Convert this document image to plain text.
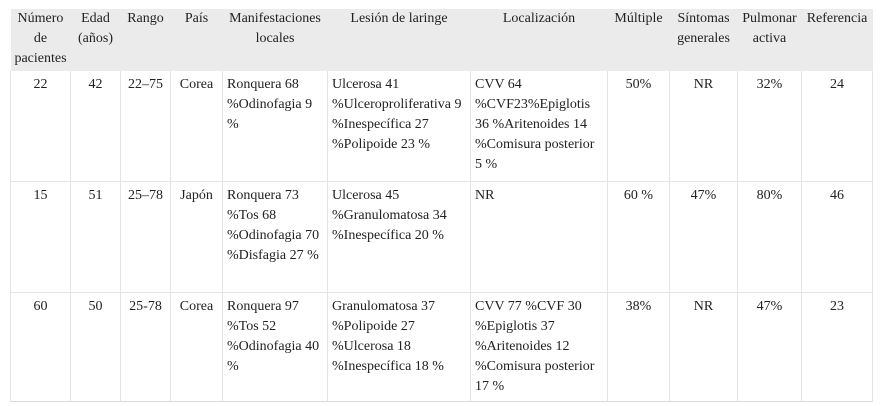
Número de pacientes	Edad (años)	Rango	País	Manifestaciones locales	Lesión de laringe	Localización	Múltiple	Síntomas generales	Pulmonar activa	Referencia
22	42	22–75	Corea	Ronquera 68 %Odinofagia 9 %	Ulcerosa 41 %Ulceroproliferativa 9 %Inespecífica 27 %Polipoide 23 %	CVV 64 %CVF23%Epiglotis 36 %Aritenoides 14 %Comisura posterior 5 %	50%	NR	32%	24
15	51	25–78	Japón	Ronquera 73 %Tos 68 %Odinofagia 70 %Disfagia 27 %	Ulcerosa 45 %Granulomatosa 34 %Inespecífica 20 %	NR	60 %	47%	80%	46
60	50	25-78	Corea	Ronquera 97 %Tos 52 %Odinofagia 40 %	Granulomatosa 37 %Polipoide 27 %Ulcerosa 18 %Inespecífica 18 %	CVV 77 %CVF 30 %Epiglotis 37 %Aritenoides 12 %Comisura posterior 17 %	38%	NR	47%	23
